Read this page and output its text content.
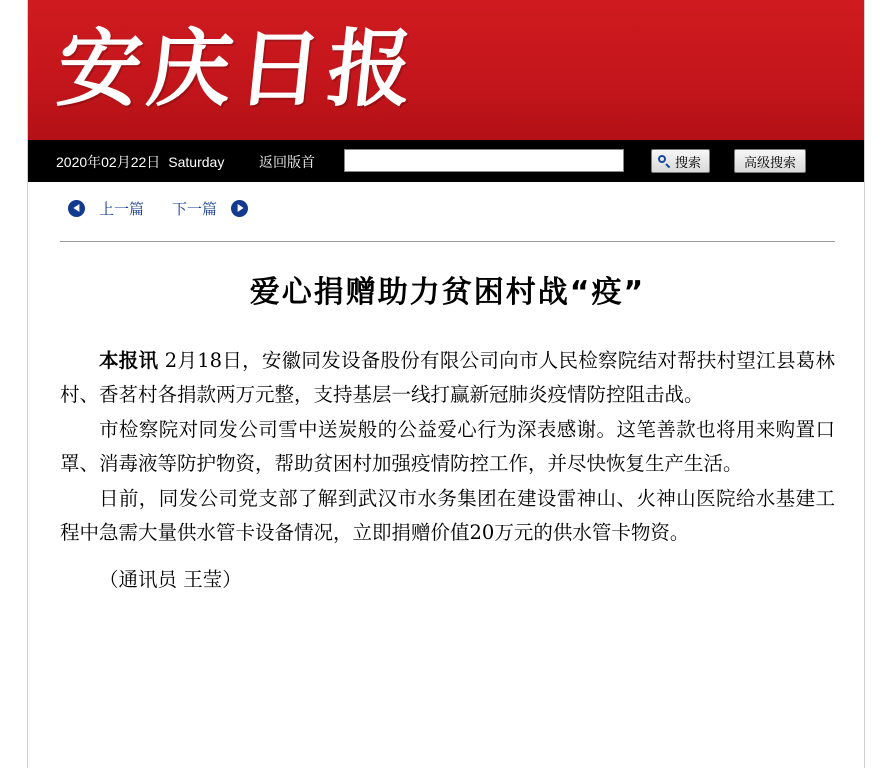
安庆日报
2020年02月22日 Saturday 返回版首	搜索	高级搜索
上一篇 下一篇
爱心捐赠助力贫困村战“疫”

本报讯 2月18日，安徽同发设备股份有限公司向市人民检察院结对帮扶村望江县葛林村、香茗村各捐款两万元整，支持基层一线打赢新冠肺炎疫情防控阻击战。

市检察院对同发公司雪中送炭般的公益爱心行为深表感谢。这笔善款也将用来购置口罩、消毒液等防护物资，帮助贫困村加强疫情防控工作，并尽快恢复生产生活。

日前，同发公司党支部了解到武汉市水务集团在建设雷神山、火神山医院给水基建工程中急需大量供水管卡设备情况，立即捐赠价值20万元的供水管卡物资。

（通讯员 王莹）
